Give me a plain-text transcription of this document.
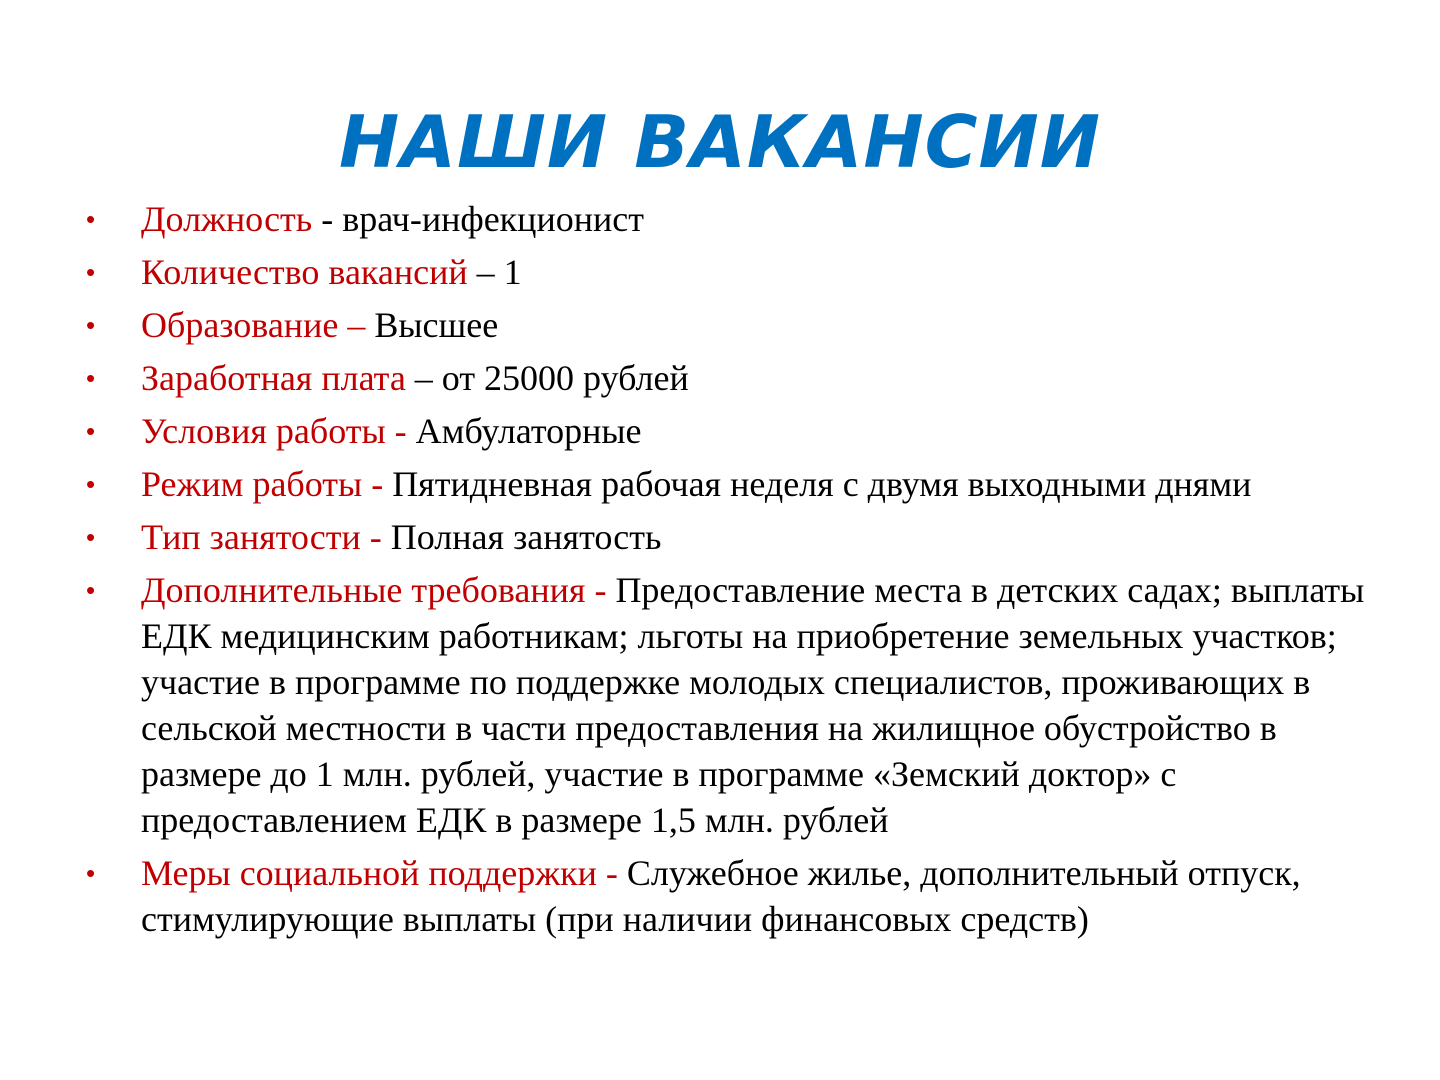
НАШИ ВАКАНСИИ
•	Должность - врач-инфекционист
•	Количество вакансий – 1
•	Образование – Высшее
•	Заработная плата – от 25000 рублей
•	Условия работы - Амбулаторные
•	Режим работы - Пятидневная рабочая неделя с двумя выходными днями
•	Тип занятости - Полная занятость
•	Дополнительные требования - Предоставление места в детских садах; выплаты ЕДК медицинским работникам; льготы на приобретение земельных участков; участие в программе по поддержке молодых специалистов, проживающих в сельской местности в части предоставления на жилищное обустройство в размере до 1 млн. рублей, участие в программе «Земский доктор» с предоставлением ЕДК в размере 1,5 млн. рублей
•	Меры социальной поддержки - Служебное жилье, дополнительный отпуск, стимулирующие выплаты (при наличии финансовых средств)
